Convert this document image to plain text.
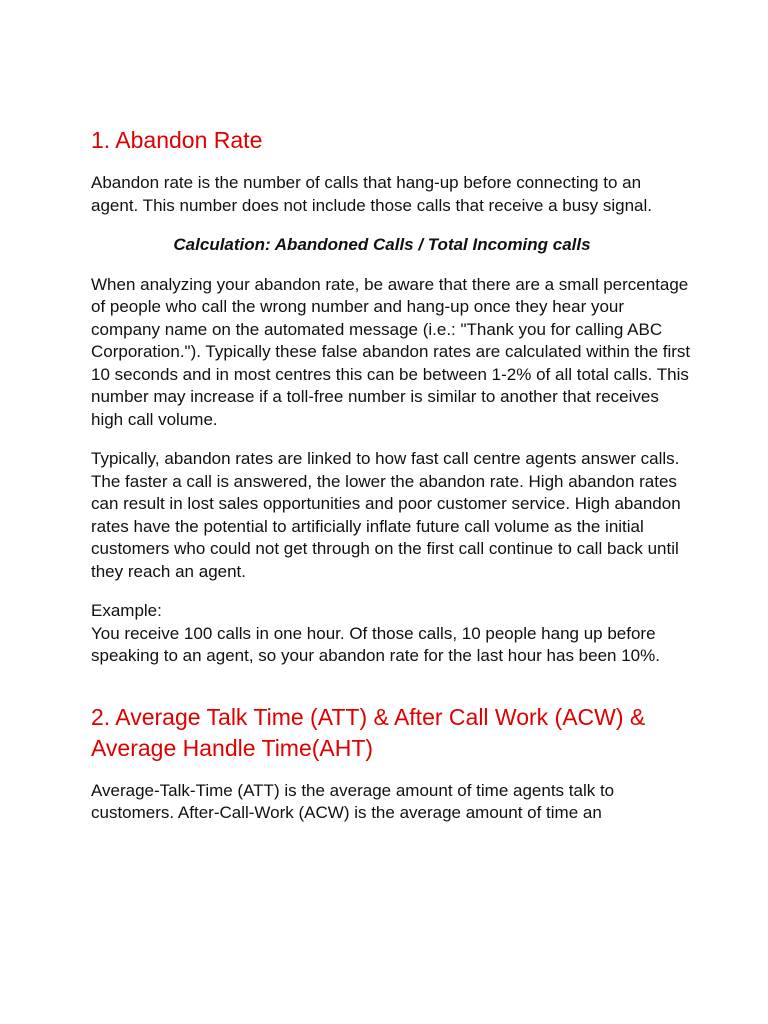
1. Abandon Rate

Abandon rate is the number of calls that hang-up before connecting to an agent. This number does not include those calls that receive a busy signal.

Calculation: Abandoned Calls / Total Incoming calls

When analyzing your abandon rate, be aware that there are a small percentage of people who call the wrong number and hang-up once they hear your company name on the automated message (i.e.: "Thank you for calling ABC Corporation."). Typically these false abandon rates are calculated within the first 10 seconds and in most centres this can be between 1-2% of all total calls. This number may increase if a toll-free number is similar to another that receives high call volume.

Typically, abandon rates are linked to how fast call centre agents answer calls. The faster a call is answered, the lower the abandon rate. High abandon rates can result in lost sales opportunities and poor customer service. High abandon rates have the potential to artificially inflate future call volume as the initial customers who could not get through on the first call continue to call back until they reach an agent.

Example:

You receive 100 calls in one hour. Of those calls, 10 people hang up before speaking to an agent, so your abandon rate for the last hour has been 10%.

2. Average Talk Time (ATT) & After Call Work (ACW) & Average Handle Time(AHT)

Average-Talk-Time (ATT) is the average amount of time agents talk to customers. After-Call-Work (ACW) is the average amount of time an
